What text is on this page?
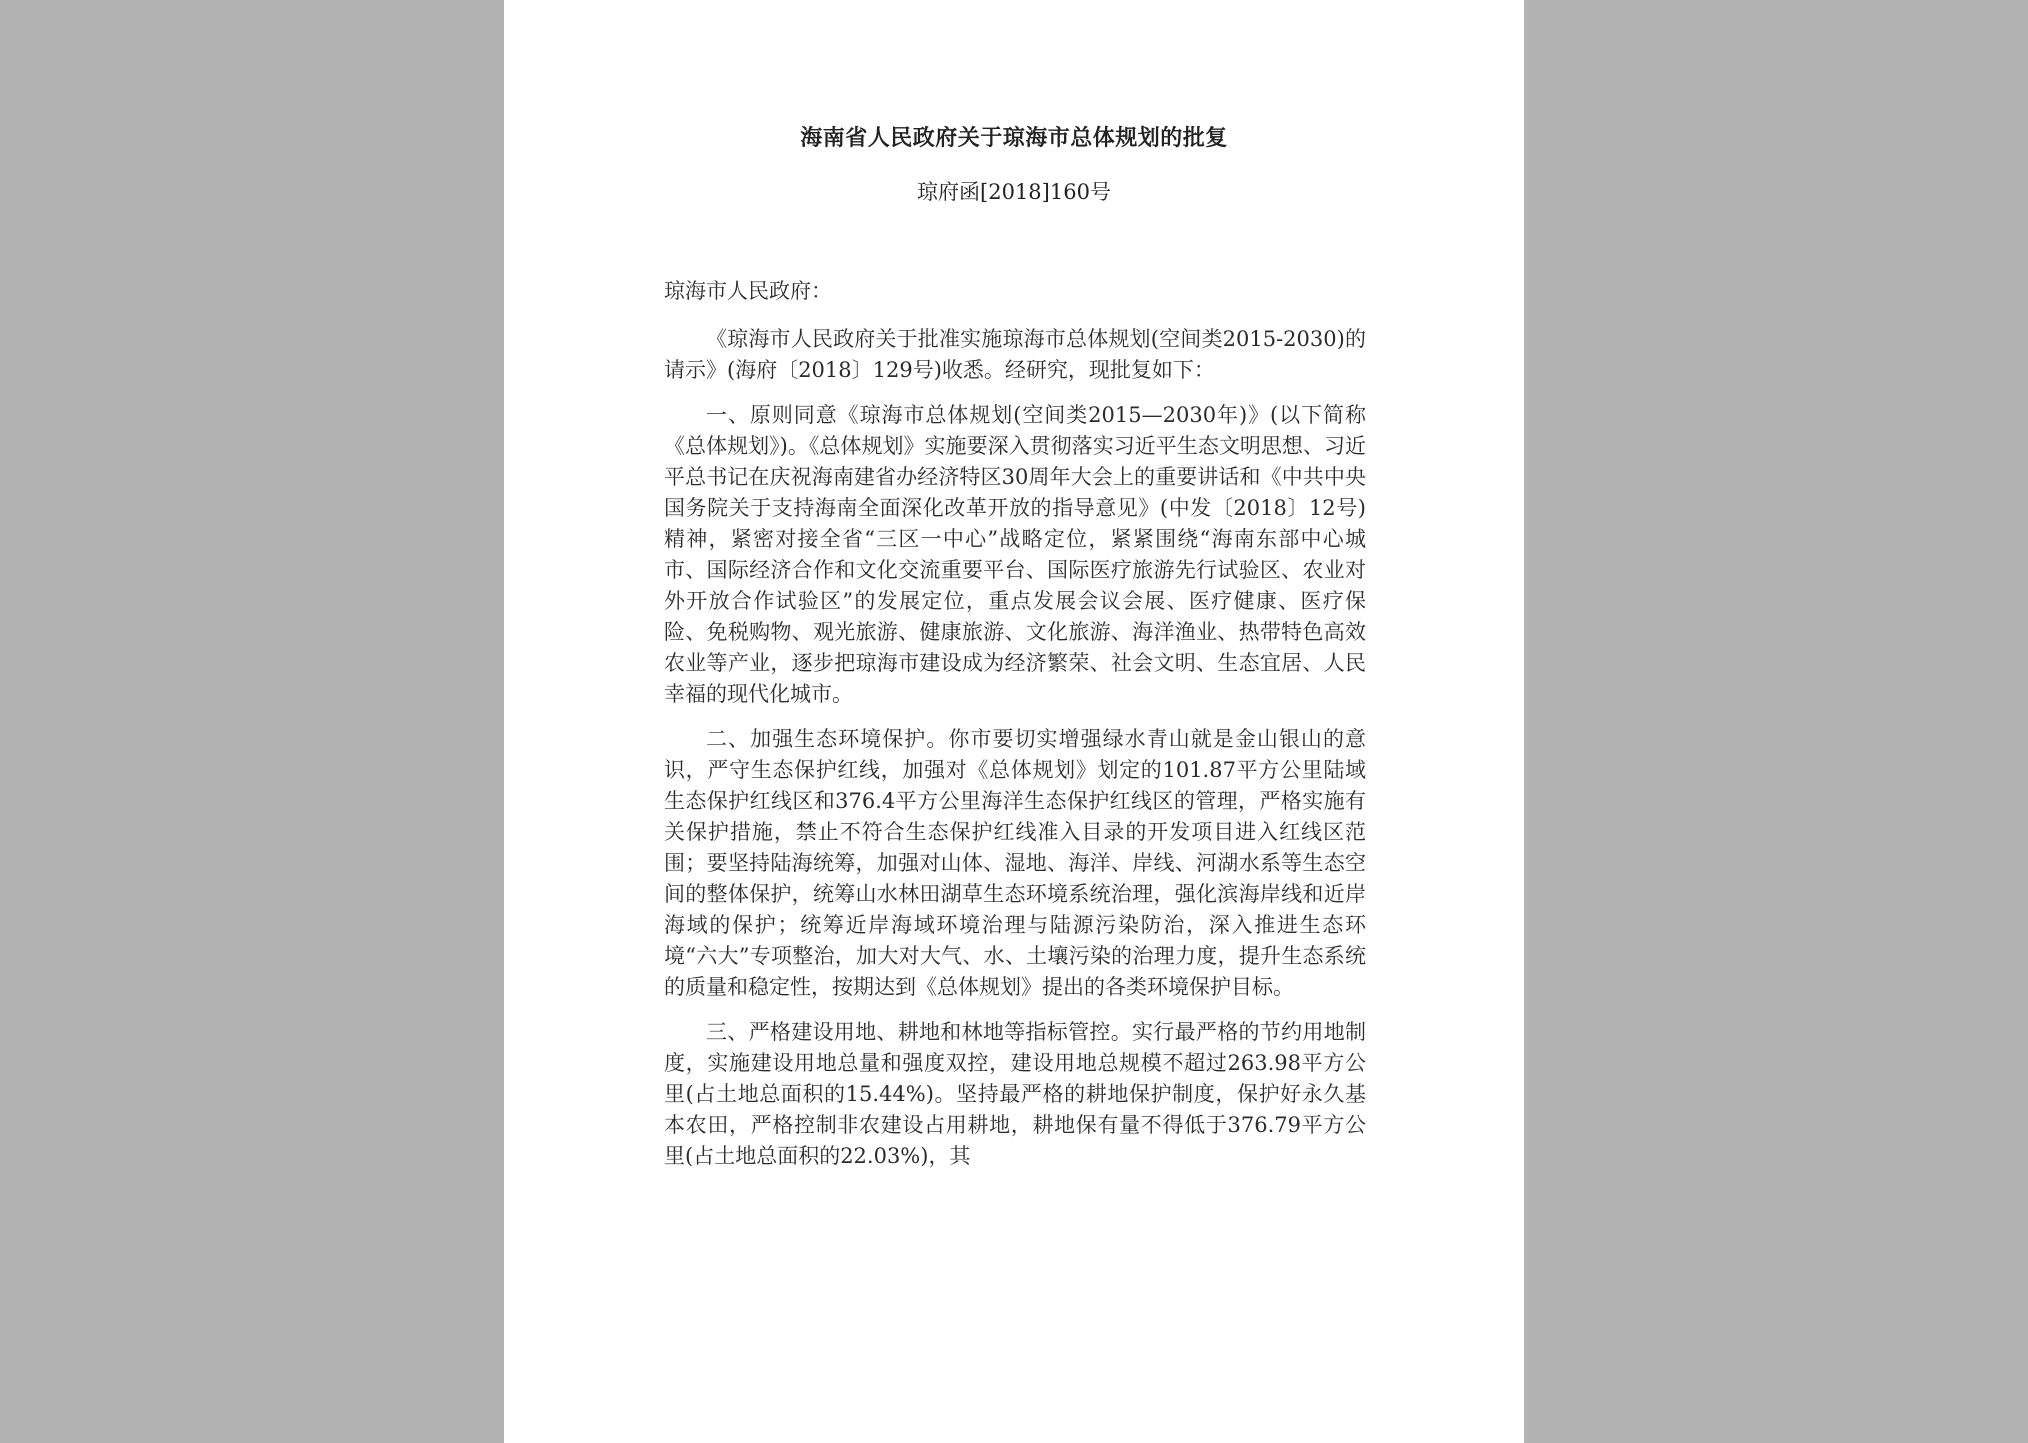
海南省人民政府关于琼海市总体规划的批复
琼府函[2018]160号

琼海市人民政府：

《琼海市人民政府关于批准实施琼海市总体规划(空间类2015-2030)的请示》(海府〔2018〕129号)收悉。经研究，现批复如下：

一、原则同意《琼海市总体规划(空间类2015—2030年)》(以下简称《总体规划》)。《总体规划》实施要深入贯彻落实习近平生态文明思想、习近平总书记在庆祝海南建省办经济特区30周年大会上的重要讲话和《中共中央　国务院关于支持海南全面深化改革开放的指导意见》(中发〔2018〕12号)精神，紧密对接全省“三区一中心”战略定位，紧紧围绕“海南东部中心城市、国际经济合作和文化交流重要平台、国际医疗旅游先行试验区、农业对外开放合作试验区”的发展定位，重点发展会议会展、医疗健康、医疗保险、免税购物、观光旅游、健康旅游、文化旅游、海洋渔业、热带特色高效农业等产业，逐步把琼海市建设成为经济繁荣、社会文明、生态宜居、人民幸福的现代化城市。

二、加强生态环境保护。你市要切实增强绿水青山就是金山银山的意识，严守生态保护红线，加强对《总体规划》划定的101.87平方公里陆域生态保护红线区和376.4平方公里海洋生态保护红线区的管理，严格实施有关保护措施，禁止不符合生态保护红线准入目录的开发项目进入红线区范围；要坚持陆海统筹，加强对山体、湿地、海洋、岸线、河湖水系等生态空间的整体保护，统筹山水林田湖草生态环境系统治理，强化滨海岸线和近岸海域的保护；统筹近岸海域环境治理与陆源污染防治，深入推进生态环境“六大”专项整治，加大对大气、水、土壤污染的治理力度，提升生态系统的质量和稳定性，按期达到《总体规划》提出的各类环境保护目标。

三、严格建设用地、耕地和林地等指标管控。实行最严格的节约用地制度，实施建设用地总量和强度双控，建设用地总规模不超过263.98平方公里(占土地总面积的15.44%)。坚持最严格的耕地保护制度，保护好永久基本农田，严格控制非农建设占用耕地，耕地保有量不得低于376.79平方公里(占土地总面积的22.03%)，其
